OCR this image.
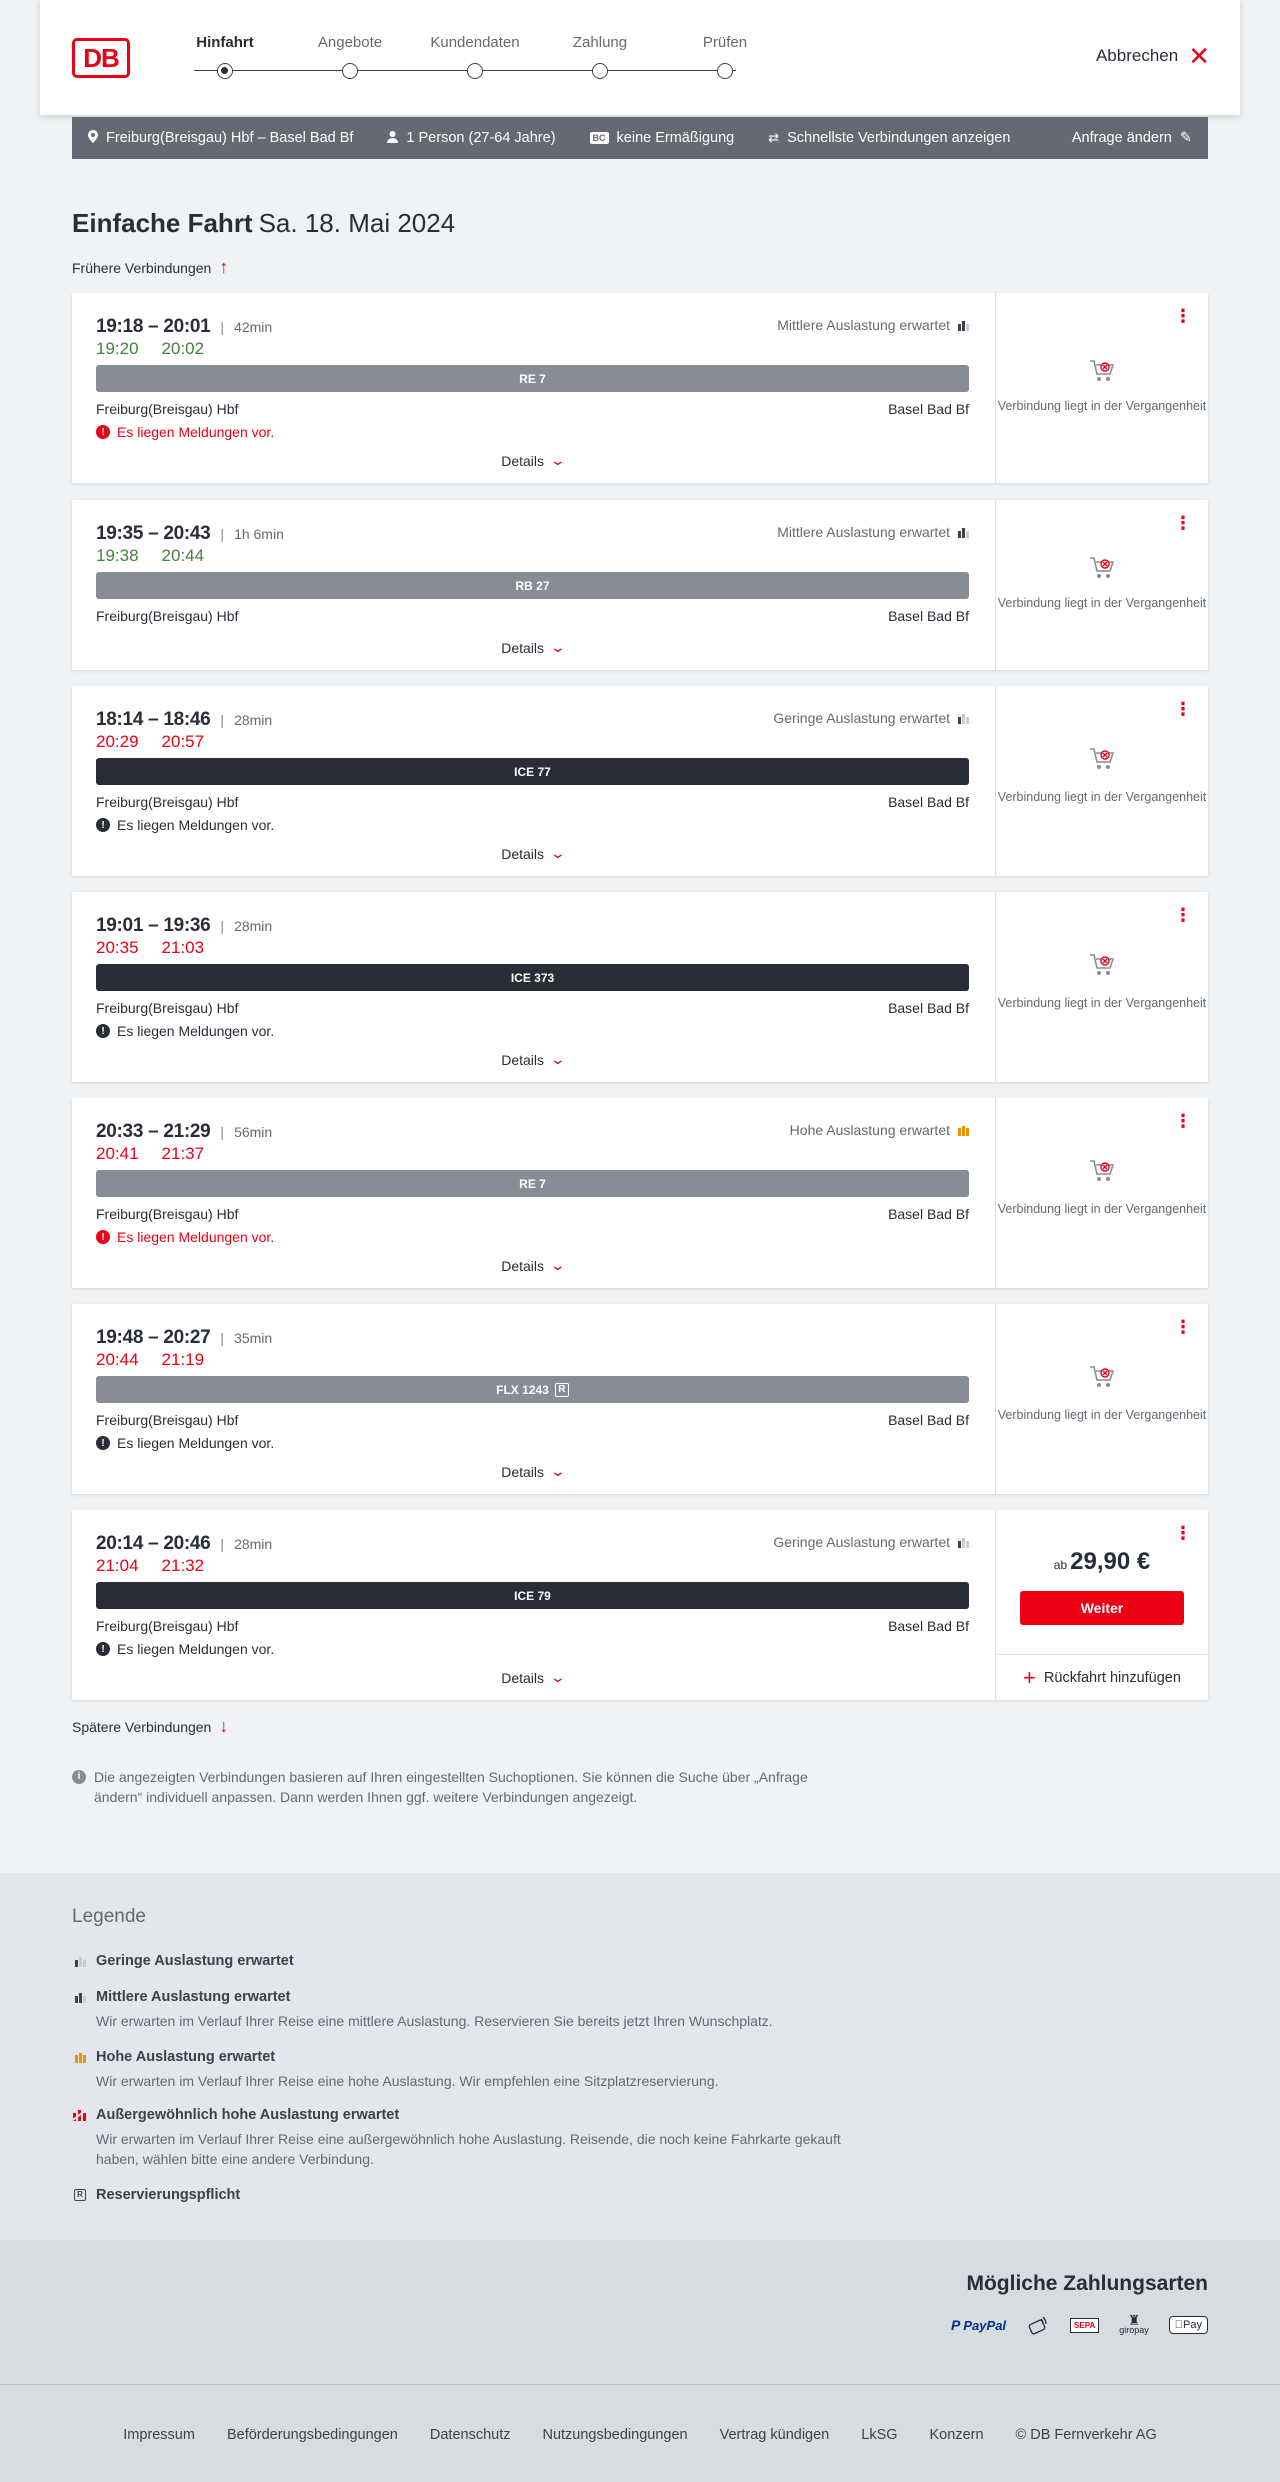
DB	Hinfahrt	Angebote	Kundendaten	Zahlung	Prüfen
Abbrechen ✕
Freiburg(Breisgau) Hbf – Basel Bad Bf	1 Person (27-64 Jahre)	BC keine Ermäßigung	⇄ Schnellste Verbindungen anzeigen	Anfrage ändern ✎
Einfache Fahrt Sa. 18. Mai 2024
Frühere Verbindungen ↑
19:18 – 20:01 | 42min	Mittlere Auslastung erwartet
19:20 20:02
RE 7
Freiburg(Breisgau) Hbf	Basel Bad Bf
! Es liegen Meldungen vor.
Details ⌄
⋮
Verbindung liegt in der Vergangenheit
19:35 – 20:43 | 1h 6min	Mittlere Auslastung erwartet
19:38 20:44
RB 27
Freiburg(Breisgau) Hbf	Basel Bad Bf
Details ⌄
⋮
Verbindung liegt in der Vergangenheit
18:14 – 18:46 | 28min	Geringe Auslastung erwartet
20:29 20:57
ICE 77
Freiburg(Breisgau) Hbf	Basel Bad Bf
! Es liegen Meldungen vor.
Details ⌄
⋮
Verbindung liegt in der Vergangenheit
19:01 – 19:36 | 28min
20:35 21:03
ICE 373
Freiburg(Breisgau) Hbf	Basel Bad Bf
! Es liegen Meldungen vor.
Details ⌄
⋮
Verbindung liegt in der Vergangenheit
20:33 – 21:29 | 56min	Hohe Auslastung erwartet
20:41 21:37
RE 7
Freiburg(Breisgau) Hbf	Basel Bad Bf
! Es liegen Meldungen vor.
Details ⌄
⋮
Verbindung liegt in der Vergangenheit
19:48 – 20:27 | 35min
20:44 21:19
FLX 1243 R
Freiburg(Breisgau) Hbf	Basel Bad Bf
! Es liegen Meldungen vor.
Details ⌄
⋮
Verbindung liegt in der Vergangenheit
20:14 – 20:46 | 28min	Geringe Auslastung erwartet
21:04 21:32
ICE 79
Freiburg(Breisgau) Hbf	Basel Bad Bf
! Es liegen Meldungen vor.
Details ⌄
⋮
ab 29,90 €
Weiter
+ Rückfahrt hinzufügen
Spätere Verbindungen ↓
i Die angezeigten Verbindungen basieren auf Ihren eingestellten Suchoptionen. Sie können die Suche über „Anfrage ändern“ individuell anpassen. Dann werden Ihnen ggf. weitere Verbindungen angezeigt.
Legende
Geringe Auslastung erwartet
Mittlere Auslastung erwartet
Wir erwarten im Verlauf Ihrer Reise eine mittlere Auslastung. Reservieren Sie bereits jetzt Ihren Wunschplatz.
Hohe Auslastung erwartet
Wir erwarten im Verlauf Ihrer Reise eine hohe Auslastung. Wir empfehlen eine Sitzplatzreservierung.
Außergewöhnlich hohe Auslastung erwartet
Wir erwarten im Verlauf Ihrer Reise eine außergewöhnlich hohe Auslastung. Reisende, die noch keine Fahrkarte gekauft haben, wählen bitte eine andere Verbindung.
R Reservierungspflicht
Mögliche Zahlungsarten
P PayPal	SEPA	♜
giropay	Pay
Impressum Beförderungsbedingungen Datenschutz Nutzungsbedingungen Vertrag kündigen LkSG Konzern © DB Fernverkehr AG
